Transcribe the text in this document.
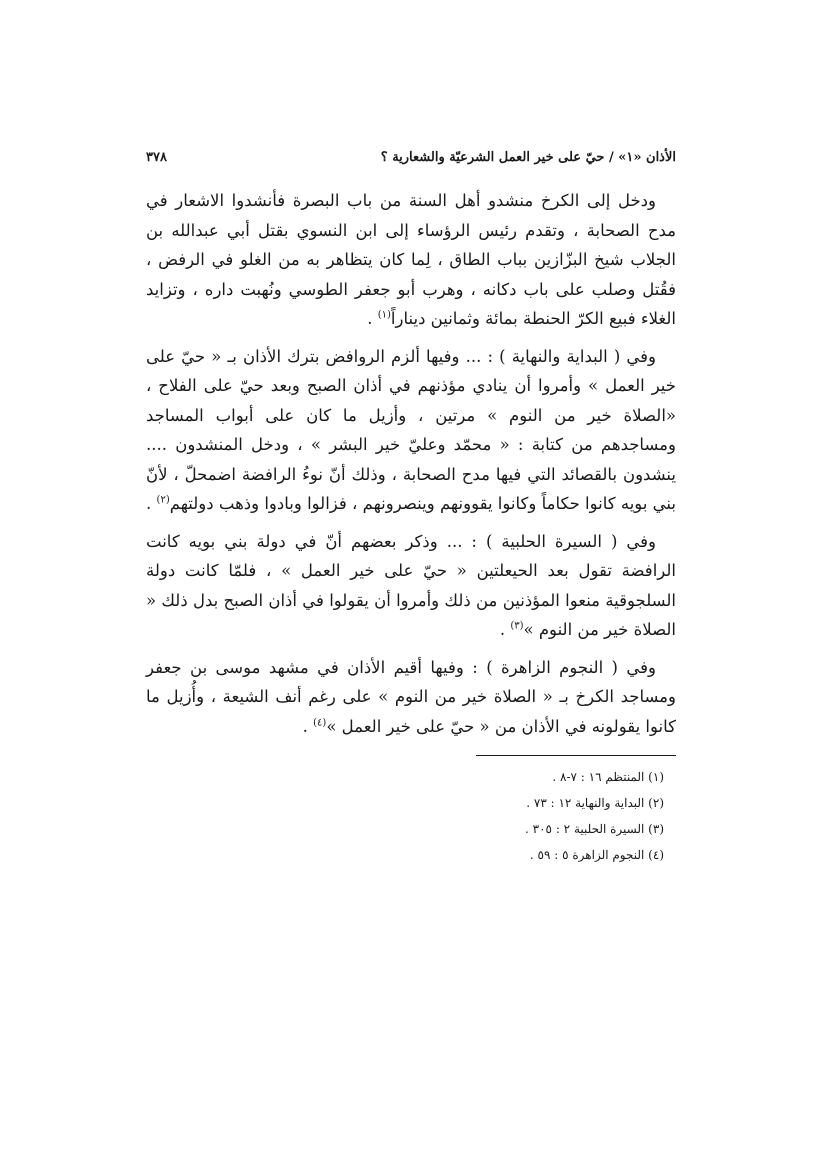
الأذان «١» / حيّ على خير العمل الشرعيّة والشعارية ؟
٣٧٨

ودخل إلى الكرخ منشدو أهل السنة من باب البصرة فأنشدوا الاشعار في مدح الصحابة ، وتقدم رئيس الرؤساء إلى ابن النسوي بقتل أبي عبدالله بن الجلاب شيخ البزّازين بباب الطاق ، لِما كان يتظاهر به من الغلو في الرفض ، فقُتل وصلب على باب دكانه ، وهرب أبو جعفر الطوسي ونُهبت داره ، وتزايد الغلاء فبيع الكرّ الحنطة بمائة وثمانين ديناراً$^{(١)}$ .

وفي ( البداية والنهاية ) : ... وفيها ألزم الروافض بترك الأذان بـ « حيّ على خير العمل » وأمروا أن ينادي مؤذنهم في أذان الصبح وبعد حيّ على الفلاح ، «الصلاة خير من النوم » مرتين ، وأزيل ما كان على أبواب المساجد ومساجدهم من كتابة : « محمّد وعليّ خير البشر » ، ودخل المنشدون .... ينشدون بالقصائد التي فيها مدح الصحابة ، وذلك أنّ نوءُ الرافضة اضمحلّ ، لأنّ بني بويه كانوا حكاماً وكانوا يقوونهم وينصرونهم ، فزالوا وبادوا وذهب دولتهم$^{(٢)}$ .

وفي ( السيرة الحلبية ) : ... وذكر بعضهم أنّ في دولة بني بويه كانت الرافضة تقول بعد الحيعلتين « حيّ على خير العمل » ، فلمّا كانت دولة السلجوقية منعوا المؤذنين من ذلك وأمروا أن يقولوا في أذان الصبح بدل ذلك « الصلاة خير من النوم »$^{(٣)}$ .

وفي ( النجوم الزاهرة ) : وفيها أقيم الأذان في مشهد موسى بن جعفر ومساجد الكرخ بـ « الصلاة خير من النوم » على رغم أنف الشيعة ، وأُزيل ما كانوا يقولونه في الأذان من « حيّ على خير العمل »$^{(٤)}$ .

(١) المنتظم ١٦ : ٧-٨ .
(٢) البداية والنهاية ١٢ : ٧٣ .
(٣) السيرة الحلبية ٢ : ٣٠٥ .
(٤) النجوم الزاهرة ٥ : ٥٩ .
